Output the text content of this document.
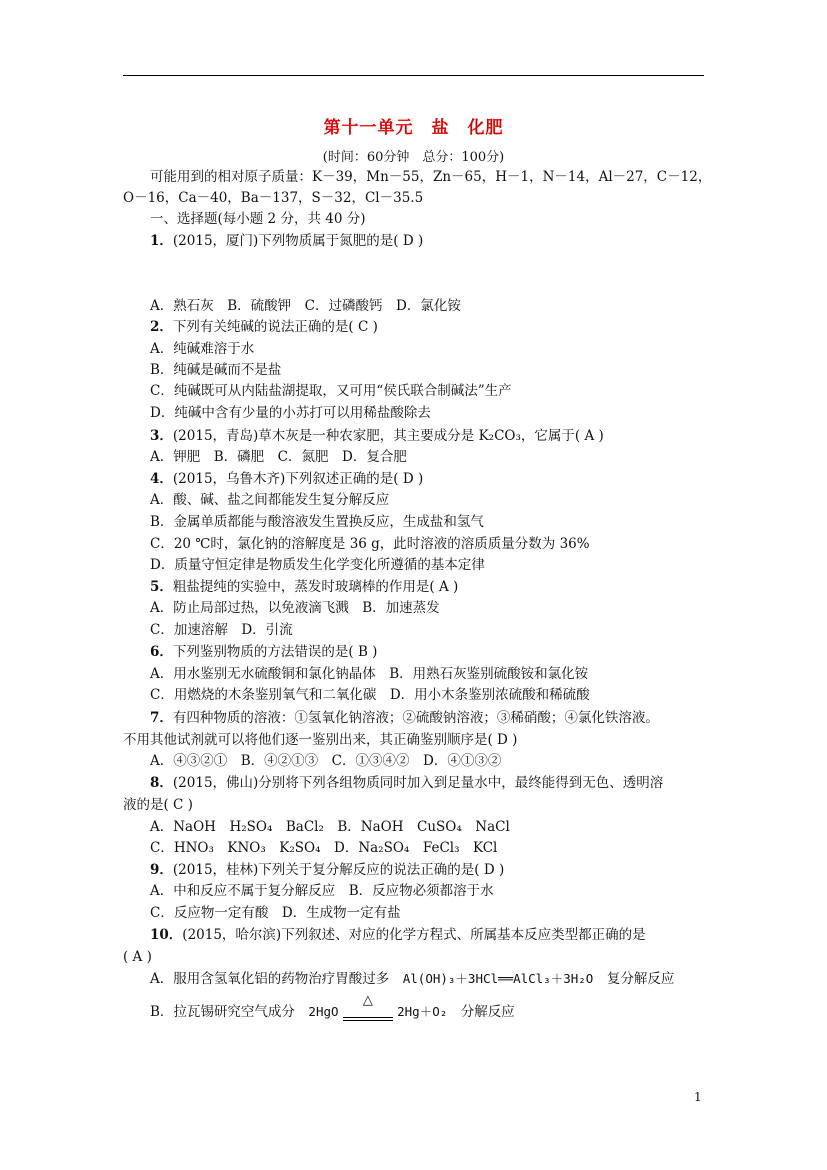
第十一单元　盐　化肥
(时间：60分钟　总分：100分)
可能用到的相对原子质量：K－39，Mn－55，Zn－65，H－1，N－14，Al－27，C－12，
O－16，Ca－40，Ba－137，S－32，Cl－35.5
一、选择题(每小题 2 分，共 40 分)
1．(2015，厦门)下列物质属于氮肥的是( D )
A．熟石灰　B．硫酸钾　C．过磷酸钙　D．氯化铵
2．下列有关纯碱的说法正确的是( C )
A．纯碱难溶于水
B．纯碱是碱而不是盐
C．纯碱既可从内陆盐湖提取，又可用“侯氏联合制碱法”生产
D．纯碱中含有少量的小苏打可以用稀盐酸除去
3．(2015，青岛)草木灰是一种农家肥，其主要成分是 K₂CO₃，它属于( A )
A．钾肥　B．磷肥　C．氮肥　D．复合肥
4．(2015，乌鲁木齐)下列叙述正确的是( D )
A．酸、碱、盐之间都能发生复分解反应
B．金属单质都能与酸溶液发生置换反应，生成盐和氢气
C．20 ℃时，氯化钠的溶解度是 36 g，此时溶液的溶质质量分数为 36%
D．质量守恒定律是物质发生化学变化所遵循的基本定律
5．粗盐提纯的实验中，蒸发时玻璃棒的作用是( A )
A．防止局部过热，以免液滴飞溅　B．加速蒸发
C．加速溶解　D．引流
6．下列鉴别物质的方法错误的是( B )
A．用水鉴别无水硫酸铜和氯化钠晶体　B．用熟石灰鉴别硫酸铵和氯化铵
C．用燃烧的木条鉴别氧气和二氧化碳　D．用小木条鉴别浓硫酸和稀硫酸
7．有四种物质的溶液：①氢氧化钠溶液；②硫酸钠溶液；③稀硝酸；④氯化铁溶液。
不用其他试剂就可以将他们逐一鉴别出来，其正确鉴别顺序是( D )
A．④③②①　B．④②①③　C．①③④②　D．④①③②
8．(2015，佛山)分别将下列各组物质同时加入到足量水中，最终能得到无色、透明溶
液的是( C )
A．NaOH　H₂SO₄　BaCl₂　B．NaOH　CuSO₄　NaCl
C．HNO₃　KNO₃　K₂SO₄　D．Na₂SO₄　FeCl₃　KCl
9．(2015，桂林)下列关于复分解反应的说法正确的是( D )
A．中和反应不属于复分解反应　B．反应物必须都溶于水
C．反应物一定有酸　D．生成物一定有盐
10．(2015，哈尔滨)下列叙述、对应的化学方程式、所属基本反应类型都正确的是
( A )
A．服用含氢氧化铝的药物治疗胃酸过多　Al(OH)₃＋3HCl══AlCl₃＋3H₂O　复分解反应
B．拉瓦锡研究空气成分　2HgO
△
2Hg＋O₂　分解反应
1
